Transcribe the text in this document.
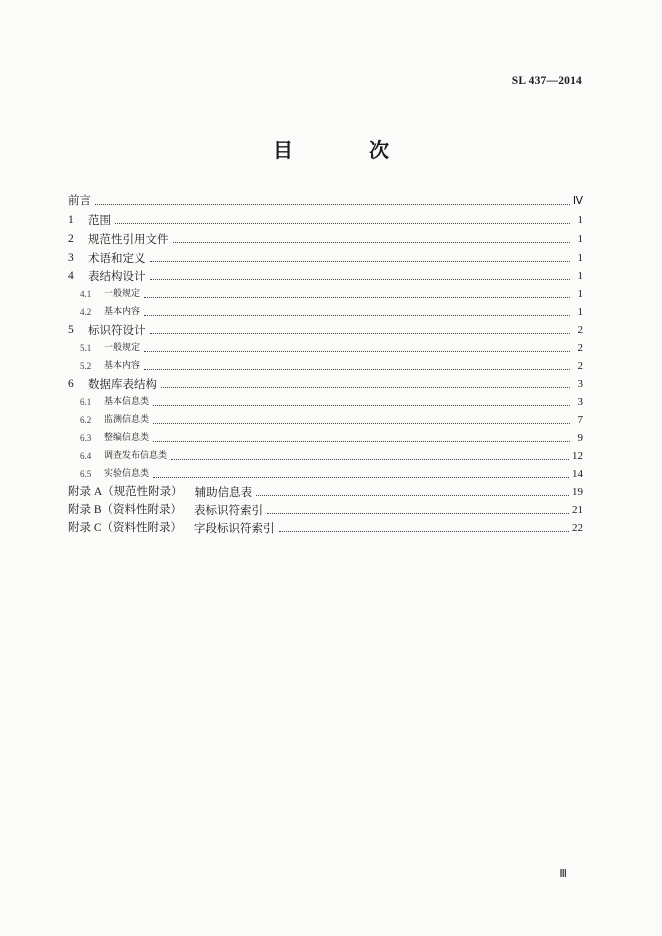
SL 437—2014
目　次
前言	Ⅳ
1	范围	1
2	规范性引用文件	1
3	术语和定义	1
4	表结构设计	1
4.1	一般规定	1
4.2	基本内容	1
5	标识符设计	2
5.1	一般规定	2
5.2	基本内容	2
6	数据库表结构	3
6.1	基本信息类	3
6.2	监测信息类	7
6.3	整编信息类	9
6.4	调查发布信息类	12
6.5	实验信息类	14
附录 A（规范性附录） 辅助信息表	19
附录 B（资料性附录） 表标识符索引	21
附录 C（资料性附录） 字段标识符索引	22
Ⅲ
